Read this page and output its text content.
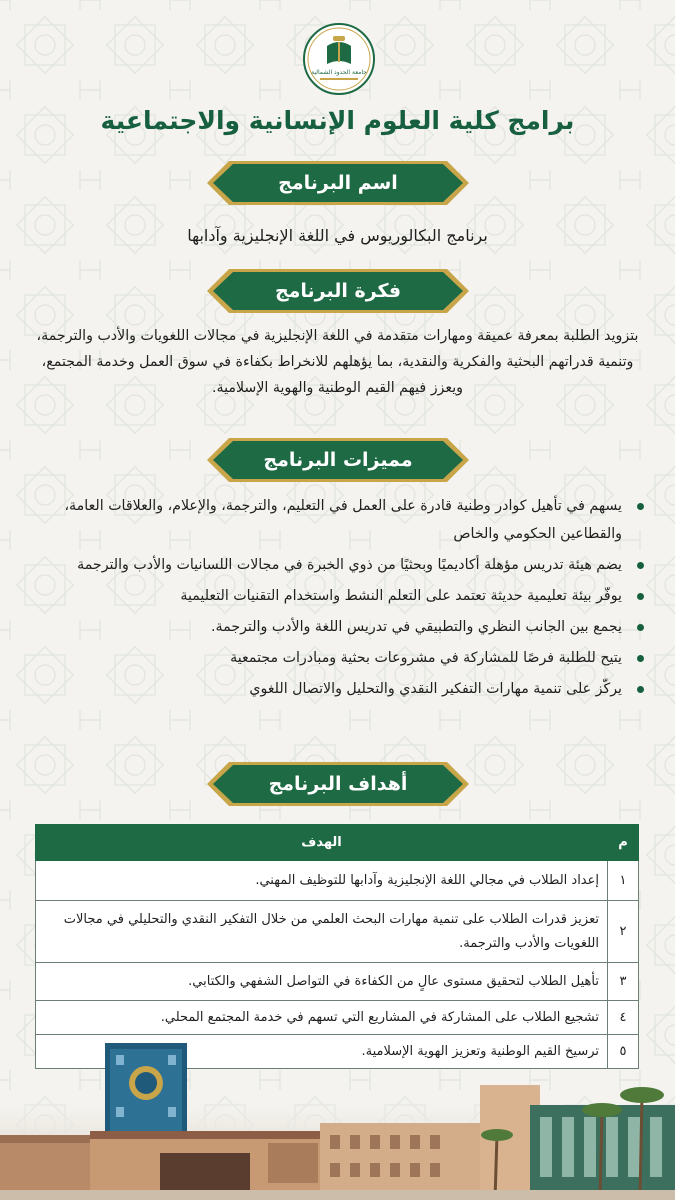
جامعة الحدود الشمالية
برامج كلية العلوم الإنسانية والاجتماعية
اسم البرنامج
برنامج البكالوريوس في اللغة الإنجليزية وآدابها
فكرة البرنامج
بتزويد الطلبة بمعرفة عميقة ومهارات متقدمة في اللغة الإنجليزية في مجالات اللغويات والأدب والترجمة، وتنمية قدراتهم البحثية والفكرية والنقدية، بما يؤهلهم للانخراط بكفاءة في سوق العمل وخدمة المجتمع، ويعزز فيهم القيم الوطنية والهوية الإسلامية.
مميزات البرنامج
يسهم في تأهيل كوادر وطنية قادرة على العمل في التعليم، والترجمة، والإعلام، والعلاقات العامة، والقطاعين الحكومي والخاص
يضم هيئة تدريس مؤهلة أكاديميًا وبحثيًا من ذوي الخبرة في مجالات اللسانيات والأدب والترجمة
يوفّر بيئة تعليمية حديثة تعتمد على التعلم النشط واستخدام التقنيات التعليمية
يجمع بين الجانب النظري والتطبيقي في تدريس اللغة والأدب والترجمة.
يتيح للطلبة فرصًا للمشاركة في مشروعات بحثية ومبادرات مجتمعية
يركّز على تنمية مهارات التفكير النقدي والتحليل والاتصال اللغوي
أهداف البرنامج
م	الهدف
١	إعداد الطلاب في مجالي اللغة الإنجليزية وآدابها للتوظيف المهني.
٢	تعزيز قدرات الطلاب على تنمية مهارات البحث العلمي من خلال التفكير النقدي والتحليلي في مجالات اللغويات والأدب والترجمة.
٣	تأهيل الطلاب لتحقيق مستوى عالٍ من الكفاءة في التواصل الشفهي والكتابي.
٤	تشجيع الطلاب على المشاركة في المشاريع التي تسهم في خدمة المجتمع المحلي.
٥	ترسيخ القيم الوطنية وتعزيز الهوية الإسلامية.
